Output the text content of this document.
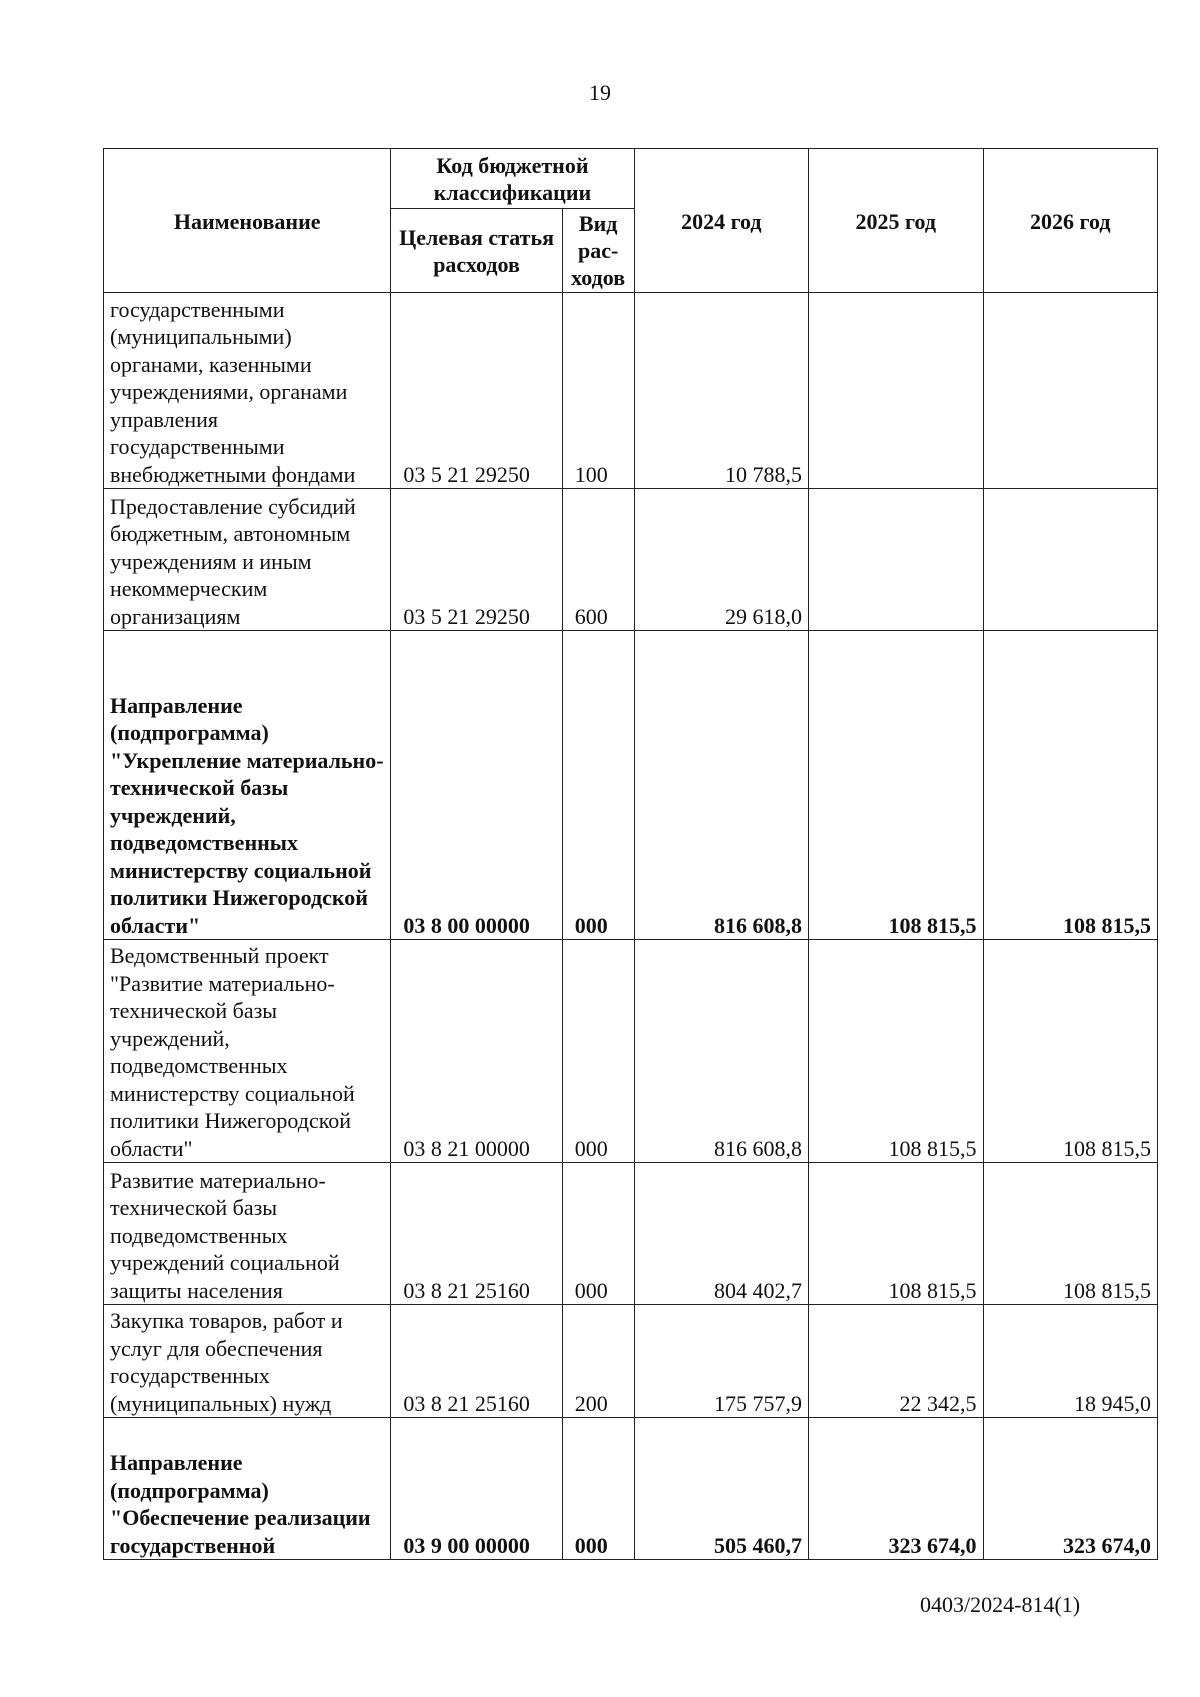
19
Наименование	Код бюджетной классификации		2024 год	2025 год	2026 год
	Целевая статья расходов	Вид рас-ходов			
государственными (муниципальными) органами, казенными учреждениями, органами управления государственными внебюджетными фондами	03 5 21 29250	100	10 788,5		
Предоставление субсидий бюджетным, автономным учреждениям и иным некоммерческим организациям	03 5 21 29250	600	29 618,0		
Направление (подпрограмма) "Укрепление материально-технической базы учреждений, подведомственных министерству социальной политики Нижегородской области"	03 8 00 00000	000	816 608,8	108 815,5	108 815,5
Ведомственный проект "Развитие материально-технической базы учреждений, подведомственных министерству социальной политики Нижегородской области"	03 8 21 00000	000	816 608,8	108 815,5	108 815,5
Развитие материально-технической базы подведомственных учреждений социальной защиты населения	03 8 21 25160	000	804 402,7	108 815,5	108 815,5
Закупка товаров, работ и услуг для обеспечения государственных (муниципальных) нужд	03 8 21 25160	200	175 757,9	22 342,5	18 945,0
Направление (подпрограмма) "Обеспечение реализации государственной	03 9 00 00000	000	505 460,7	323 674,0	323 674,0
0403/2024-814(1)
